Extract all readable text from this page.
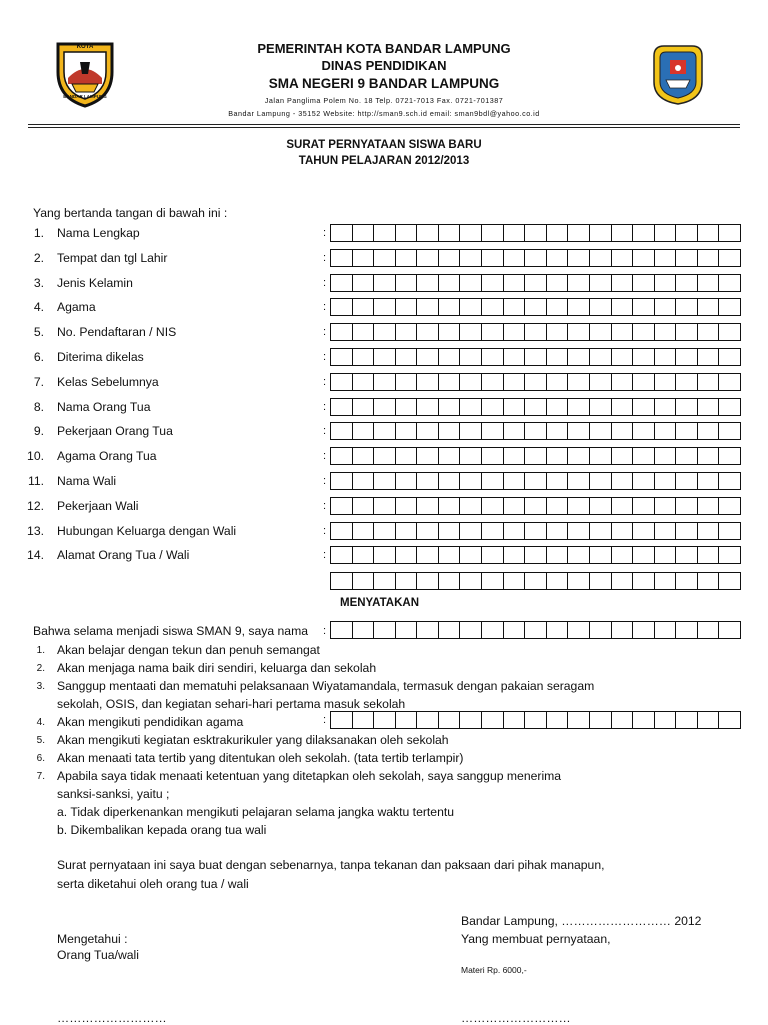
KOTA
BANDAR LAMPUNG
PEMERINTAH KOTA BANDAR LAMPUNG
DINAS PENDIDIKAN
SMA NEGERI 9 BANDAR LAMPUNG
Jalan Panglima Polem No. 18 Telp. 0721-7013 Fax. 0721-701387
Bandar Lampung - 35152 Website: http://sman9.sch.id email: sman9bdl@yahoo.co.id
SURAT PERNYATAAN SISWA BARU
TAHUN PELAJARAN 2012/2013
Yang bertanda tangan di bawah ini :
1. Nama Lengkap	:
2. Tempat dan tgl Lahir	:
3. Jenis Kelamin	:
4. Agama	:
5. No. Pendaftaran / NIS	:
6. Diterima dikelas	:
7. Kelas Sebelumnya	:
8. Nama Orang Tua	:
9. Pekerjaan Orang Tua	:
10. Agama Orang Tua	:
11. Nama Wali	:
12. Pekerjaan Wali	:
13. Hubungan Keluarga dengan Wali	:
14. Alamat Orang Tua / Wali	:
MENYATAKAN
Bahwa selama menjadi siswa SMAN 9, saya nama :
1. Akan belajar dengan tekun dan penuh semangat
2. Akan menjaga nama baik diri sendiri, keluarga dan sekolah
3. Sanggup mentaati dan mematuhi pelaksanaan Wiyatamandala, termasuk dengan pakaian seragam
sekolah, OSIS, dan kegiatan sehari-hari pertama masuk sekolah
4. Akan mengikuti pendidikan agama
5. Akan mengikuti kegiatan esktrakurikuler yang dilaksanakan oleh sekolah
6. Akan menaati tata tertib yang ditentukan oleh sekolah. (tata tertib terlampir)
7. Apabila saya tidak menaati ketentuan yang ditetapkan oleh sekolah, saya sanggup menerima
sanksi-sanksi, yaitu ;
a. Tidak diperkenankan mengikuti pelajaran selama jangka waktu tertentu
b. Dikembalikan kepada orang tua wali
:
Surat pernyataan ini saya buat dengan sebenarnya, tanpa tekanan dan paksaan dari pihak manapun,
serta diketahui oleh orang tua / wali
Bandar Lampung, ……………………… 2012
Yang membuat pernyataan,
Materi Rp. 6000,-
Mengetahui :
Orang Tua/wali
………………………	………………………
